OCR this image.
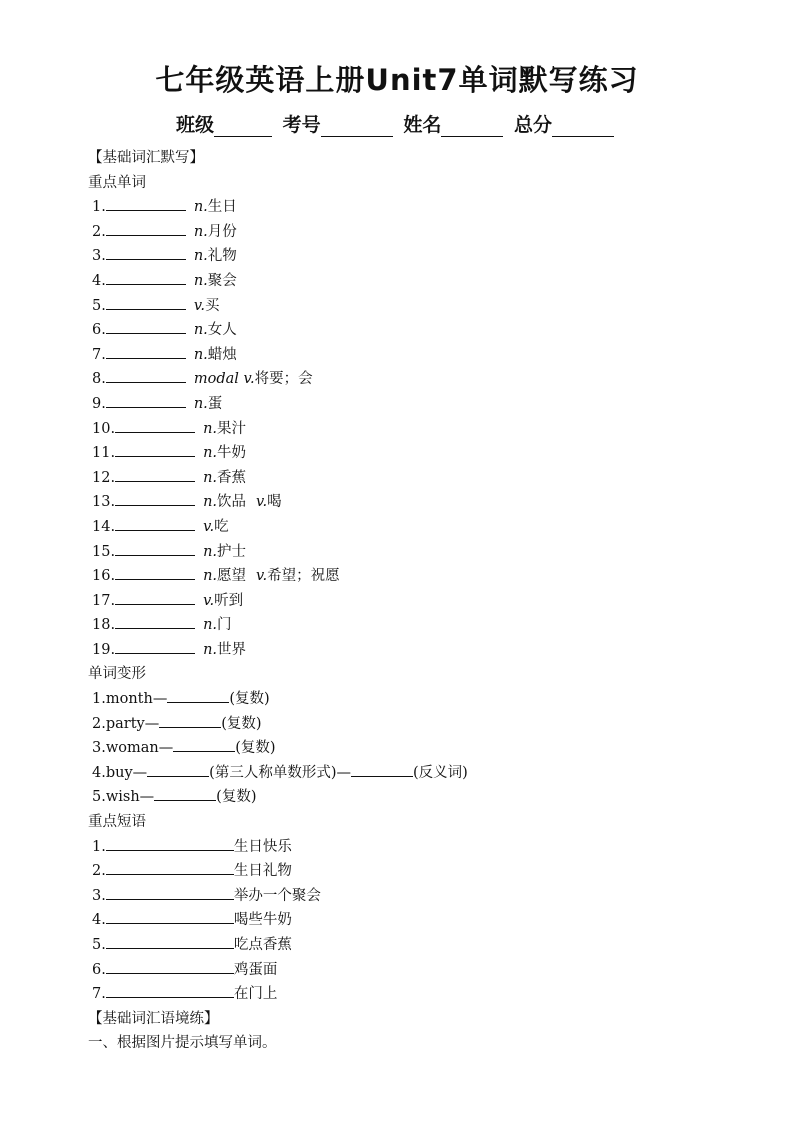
七年级英语上册Unit7单词默写练习
班级	考号	姓名	总分
【基础词汇默写】
重点单词
1.	n.生日
2.	n.月份
3.	n.礼物
4.	n.聚会
5.	v.买
6.	n.女人
7.	n.蜡烛
8.	modal v.将要；会
9.	n.蛋
10.	n.果汁
11.	n.牛奶
12.	n.香蕉
13.	n.饮品 v.喝
14.	v.吃
15.	n.护士
16.	n.愿望 v.希望；祝愿
17.	v.听到
18.	n.门
19.	n.世界
单词变形
1.month—	(复数)
2.party—	(复数)
3.woman—	(复数)
4.buy—	(第三人称单数形式)—	(反义词)
5.wish—	(复数)
重点短语
1.	生日快乐
2.	生日礼物
3.	举办一个聚会
4.	喝些牛奶
5.	吃点香蕉
6.	鸡蛋面
7.	在门上
【基础词汇语境练】
一、根据图片提示填写单词。
